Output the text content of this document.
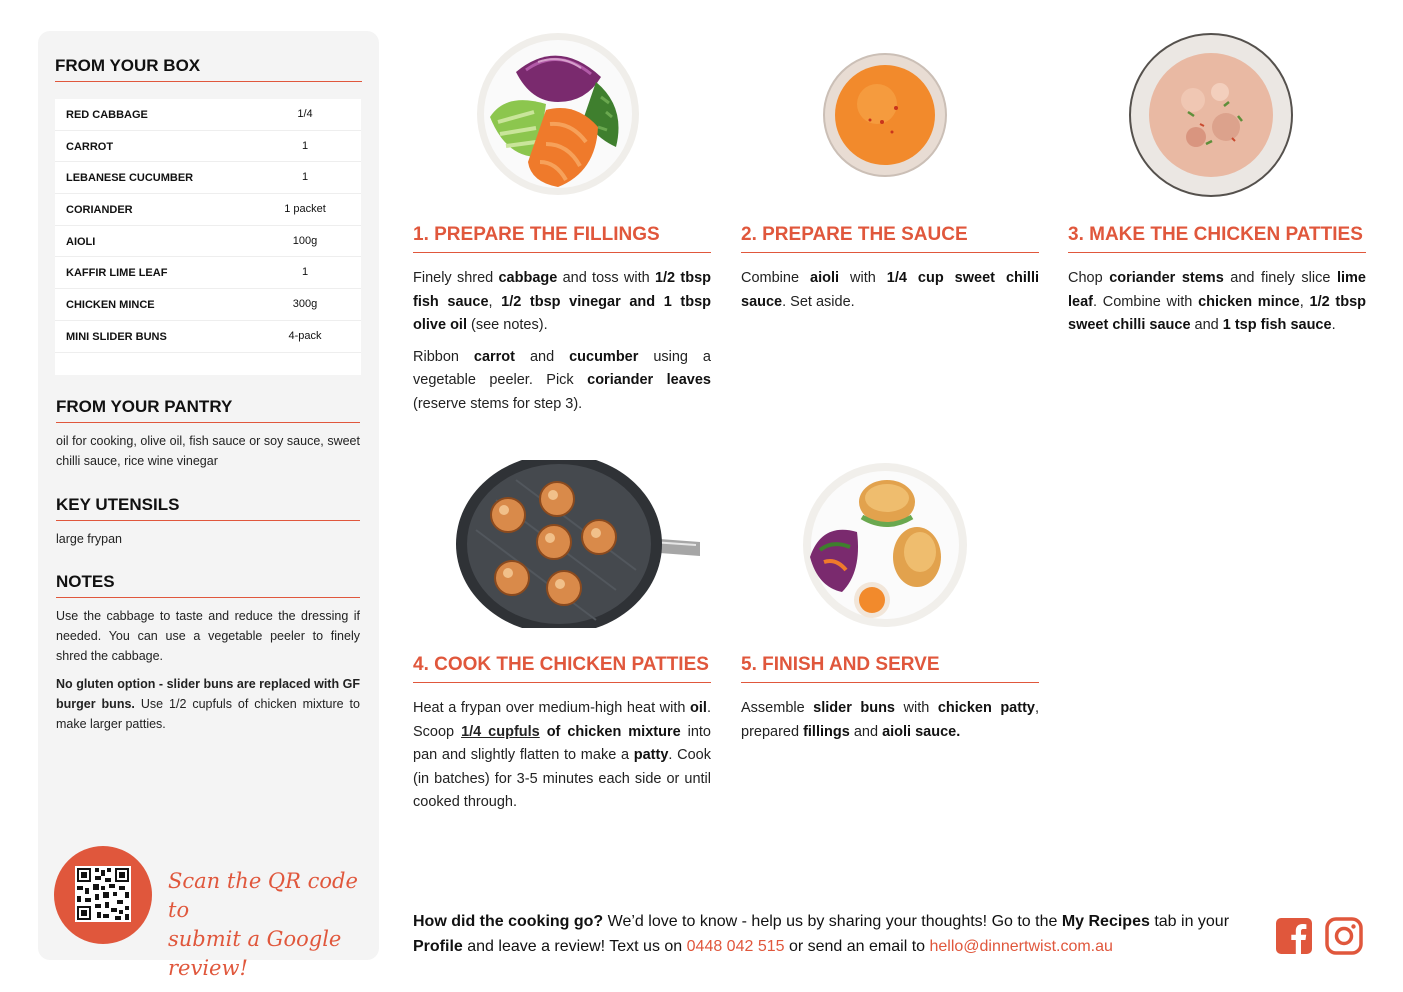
FROM YOUR BOX
RED CABBAGE	1/4
CARROT	1
LEBANESE CUCUMBER	1
CORIANDER	1 packet
AIOLI	100g
KAFFIR LIME LEAF	1
CHICKEN MINCE	300g
MINI SLIDER BUNS	4-pack
FROM YOUR PANTRY
oil for cooking, olive oil, fish sauce or soy sauce, sweet chilli sauce, rice wine vinegar
KEY UTENSILS
large frypan
NOTES

Use the cabbage to taste and reduce the dressing if needed. You can use a vegetable peeler to finely shred the cabbage.

No gluten option - slider buns are replaced with GF burger buns. Use 1/2 cupfuls of chicken mixture to make larger patties.

Scan the QR code to
submit a Google review!
1. PREPARE THE FILLINGS

Finely shred cabbage and toss with 1/2 tbsp fish sauce, 1/2 tbsp vinegar and 1 tbsp olive oil (see notes).

Ribbon carrot and cucumber using a vegetable peeler. Pick coriander leaves (reserve stems for step 3).

2. PREPARE THE SAUCE

Combine aioli with 1/4 cup sweet chilli sauce. Set aside.

3. MAKE THE CHICKEN PATTIES

Chop coriander stems and finely slice lime leaf. Combine with chicken mince, 1/2 tbsp sweet chilli sauce and 1 tsp fish sauce.

4. COOK THE CHICKEN PATTIES

Heat a frypan over medium-high heat with oil. Scoop 1/4 cupfuls of chicken mixture into pan and slightly flatten to make a patty. Cook (in batches) for 3-5 minutes each side or until cooked through.

5. FINISH AND SERVE

Assemble slider buns with chicken patty, prepared fillings and aioli sauce.

How did the cooking go? We’d love to know - help us by sharing your thoughts! Go to the My Recipes tab in your Profile and leave a review! Text us on 0448 042 515 or send an email to hello@dinnertwist.com.au
